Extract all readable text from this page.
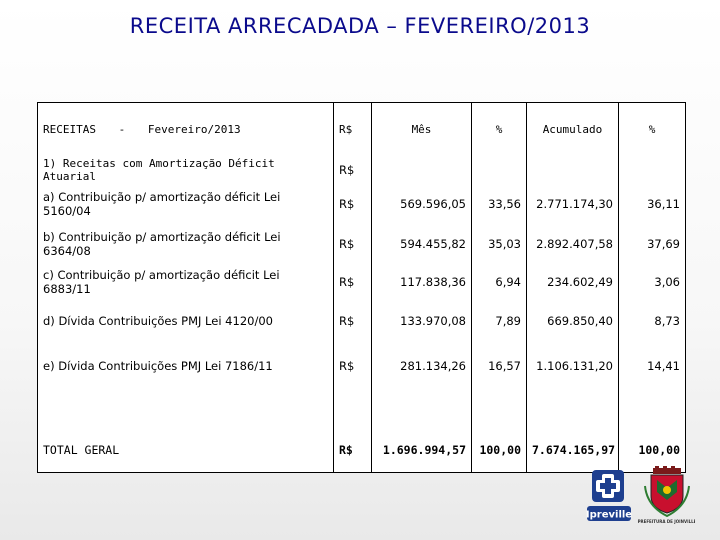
RECEITA ARRECADADA – FEVEREIRO/2013
RECEITAS - Fevereiro/2013	R$	Mês	%	Acumulado	%
1) Receitas com Amortização Déficit Atuarial	R$				
a) Contribuição p/ amortização déficit Lei 5160/04	R$	569.596,05	33,56	2.771.174,30	36,11
b) Contribuição p/ amortização déficit Lei 6364/08	R$	594.455,82	35,03	2.892.407,58	37,69
c) Contribuição p/ amortização déficit Lei 6883/11	R$	117.838,36	6,94	234.602,49	3,06
d) Dívida Contribuições PMJ Lei 4120/00	R$	133.970,08	7,89	669.850,40	8,73
e) Dívida Contribuições PMJ Lei 7186/11	R$	281.134,26	16,57	1.106.131,20	14,41

TOTAL GERAL	R$	1.696.994,57	100,00	7.674.165,97	100,00
Ipreville
PREFEITURA DE JOINVILLE
